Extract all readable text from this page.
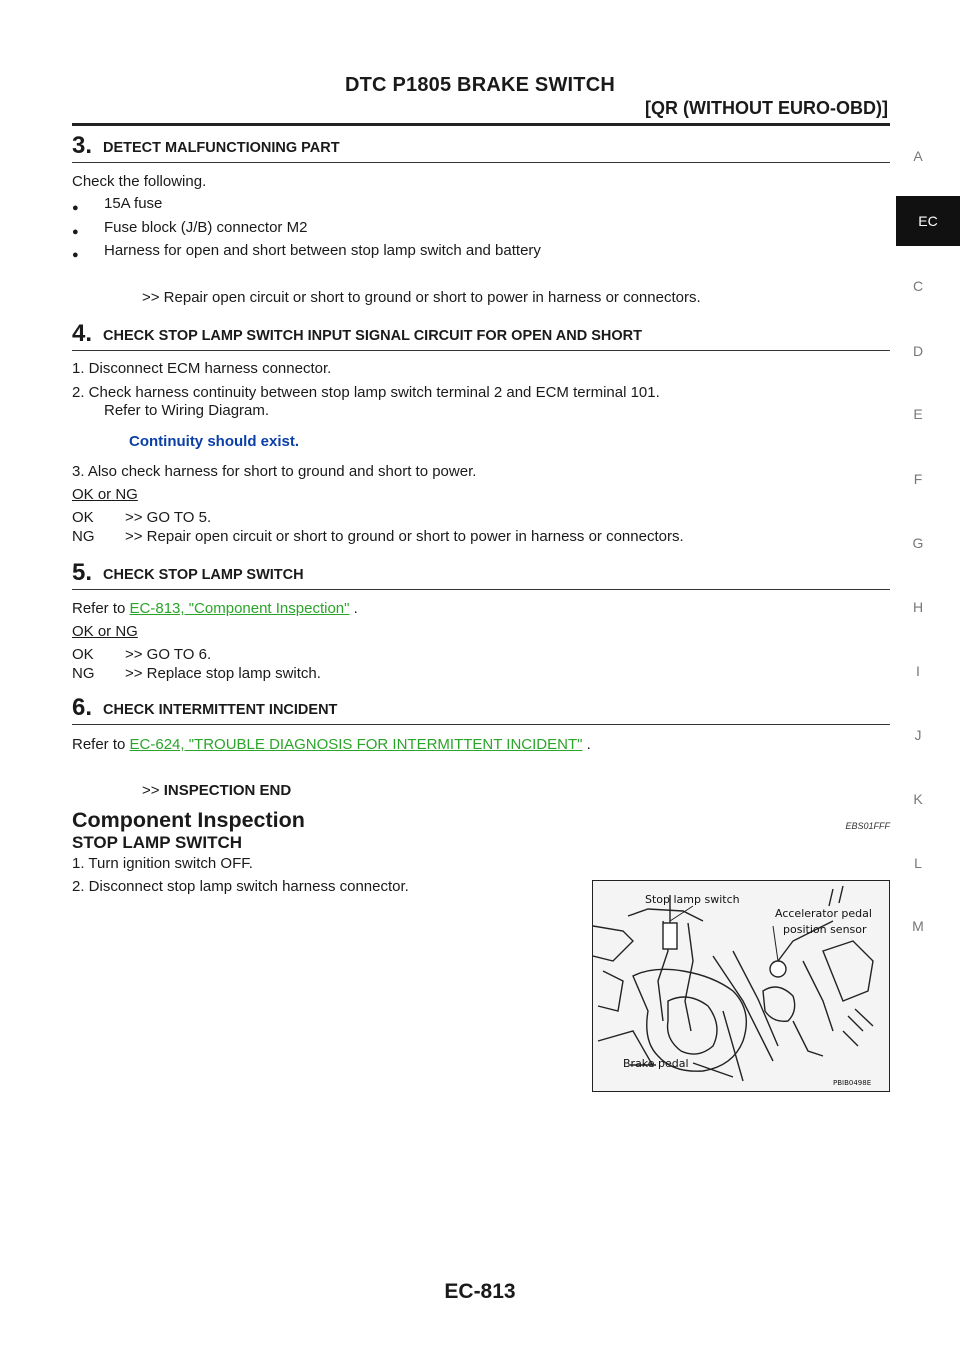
DTC P1805 BRAKE SWITCH
[QR (WITHOUT EURO-OBD)]
A
EC
C
D
E
F
G
H
I
J
K
L
M
3. DETECT MALFUNCTIONING PART
Check the following.
● 15A fuse
● Fuse block (J/B) connector M2
● Harness for open and short between stop lamp switch and battery
>> Repair open circuit or short to ground or short to power in harness or connectors.
4. CHECK STOP LAMP SWITCH INPUT SIGNAL CIRCUIT FOR OPEN AND SHORT
1. Disconnect ECM harness connector.
2. Check harness continuity between stop lamp switch terminal 2 and ECM terminal 101.
Refer to Wiring Diagram.
Continuity should exist.
3. Also check harness for short to ground and short to power.
OK or NG
OK >> GO TO 5.
NG >> Repair open circuit or short to ground or short to power in harness or connectors.
5. CHECK STOP LAMP SWITCH
Refer to EC-813, "Component Inspection" .
OK or NG
OK >> GO TO 6.
NG >> Replace stop lamp switch.
6. CHECK INTERMITTENT INCIDENT
Refer to EC-624, "TROUBLE DIAGNOSIS FOR INTERMITTENT INCIDENT" .
>> INSPECTION END
Component Inspection	EBS01FFF
STOP LAMP SWITCH
1. Turn ignition switch OFF.
2. Disconnect stop lamp switch harness connector.
Stop lamp switch
Accelerator pedal
position sensor
Brake pedal
PBIB0498E
EC-813
